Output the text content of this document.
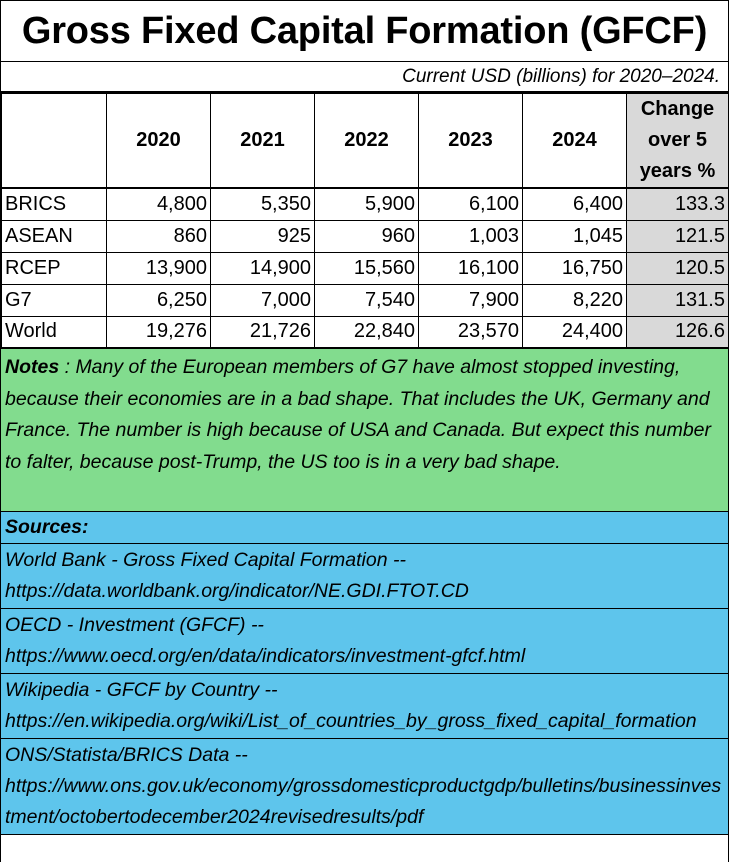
Gross Fixed Capital Formation (GFCF)
Current USD (billions) for 2020–2024.
	2020	2021	2022	2023	2024	Change over 5 years %
BRICS	4,800	5,350	5,900	6,100	6,400	133.3
ASEAN	860	925	960	1,003	1,045	121.5
RCEP	13,900	14,900	15,560	16,100	16,750	120.5
G7	6,250	7,000	7,540	7,900	8,220	131.5
World	19,276	21,726	22,840	23,570	24,400	126.6
Notes : Many of the European members of G7 have almost stopped investing, because their economies are in a bad shape. That includes the UK, Germany and France. The number is high because of USA and Canada. But expect this number to falter, because post-Trump, the US too is in a very bad shape.
Sources:
World Bank - Gross Fixed Capital Formation --
https://data.worldbank.org/indicator/NE.GDI.FTOT.CD
OECD - Investment (GFCF) --
https://www.oecd.org/en/data/indicators/investment-gfcf.html
Wikipedia - GFCF by Country --
https://en.wikipedia.org/wiki/List_of_countries_by_gross_fixed_capital_formation
ONS/Statista/BRICS Data --
https://www.ons.gov.uk/economy/grossdomesticproductgdp/bulletins/businessinvestment/octobertodecember2024revisedresults/pdf
